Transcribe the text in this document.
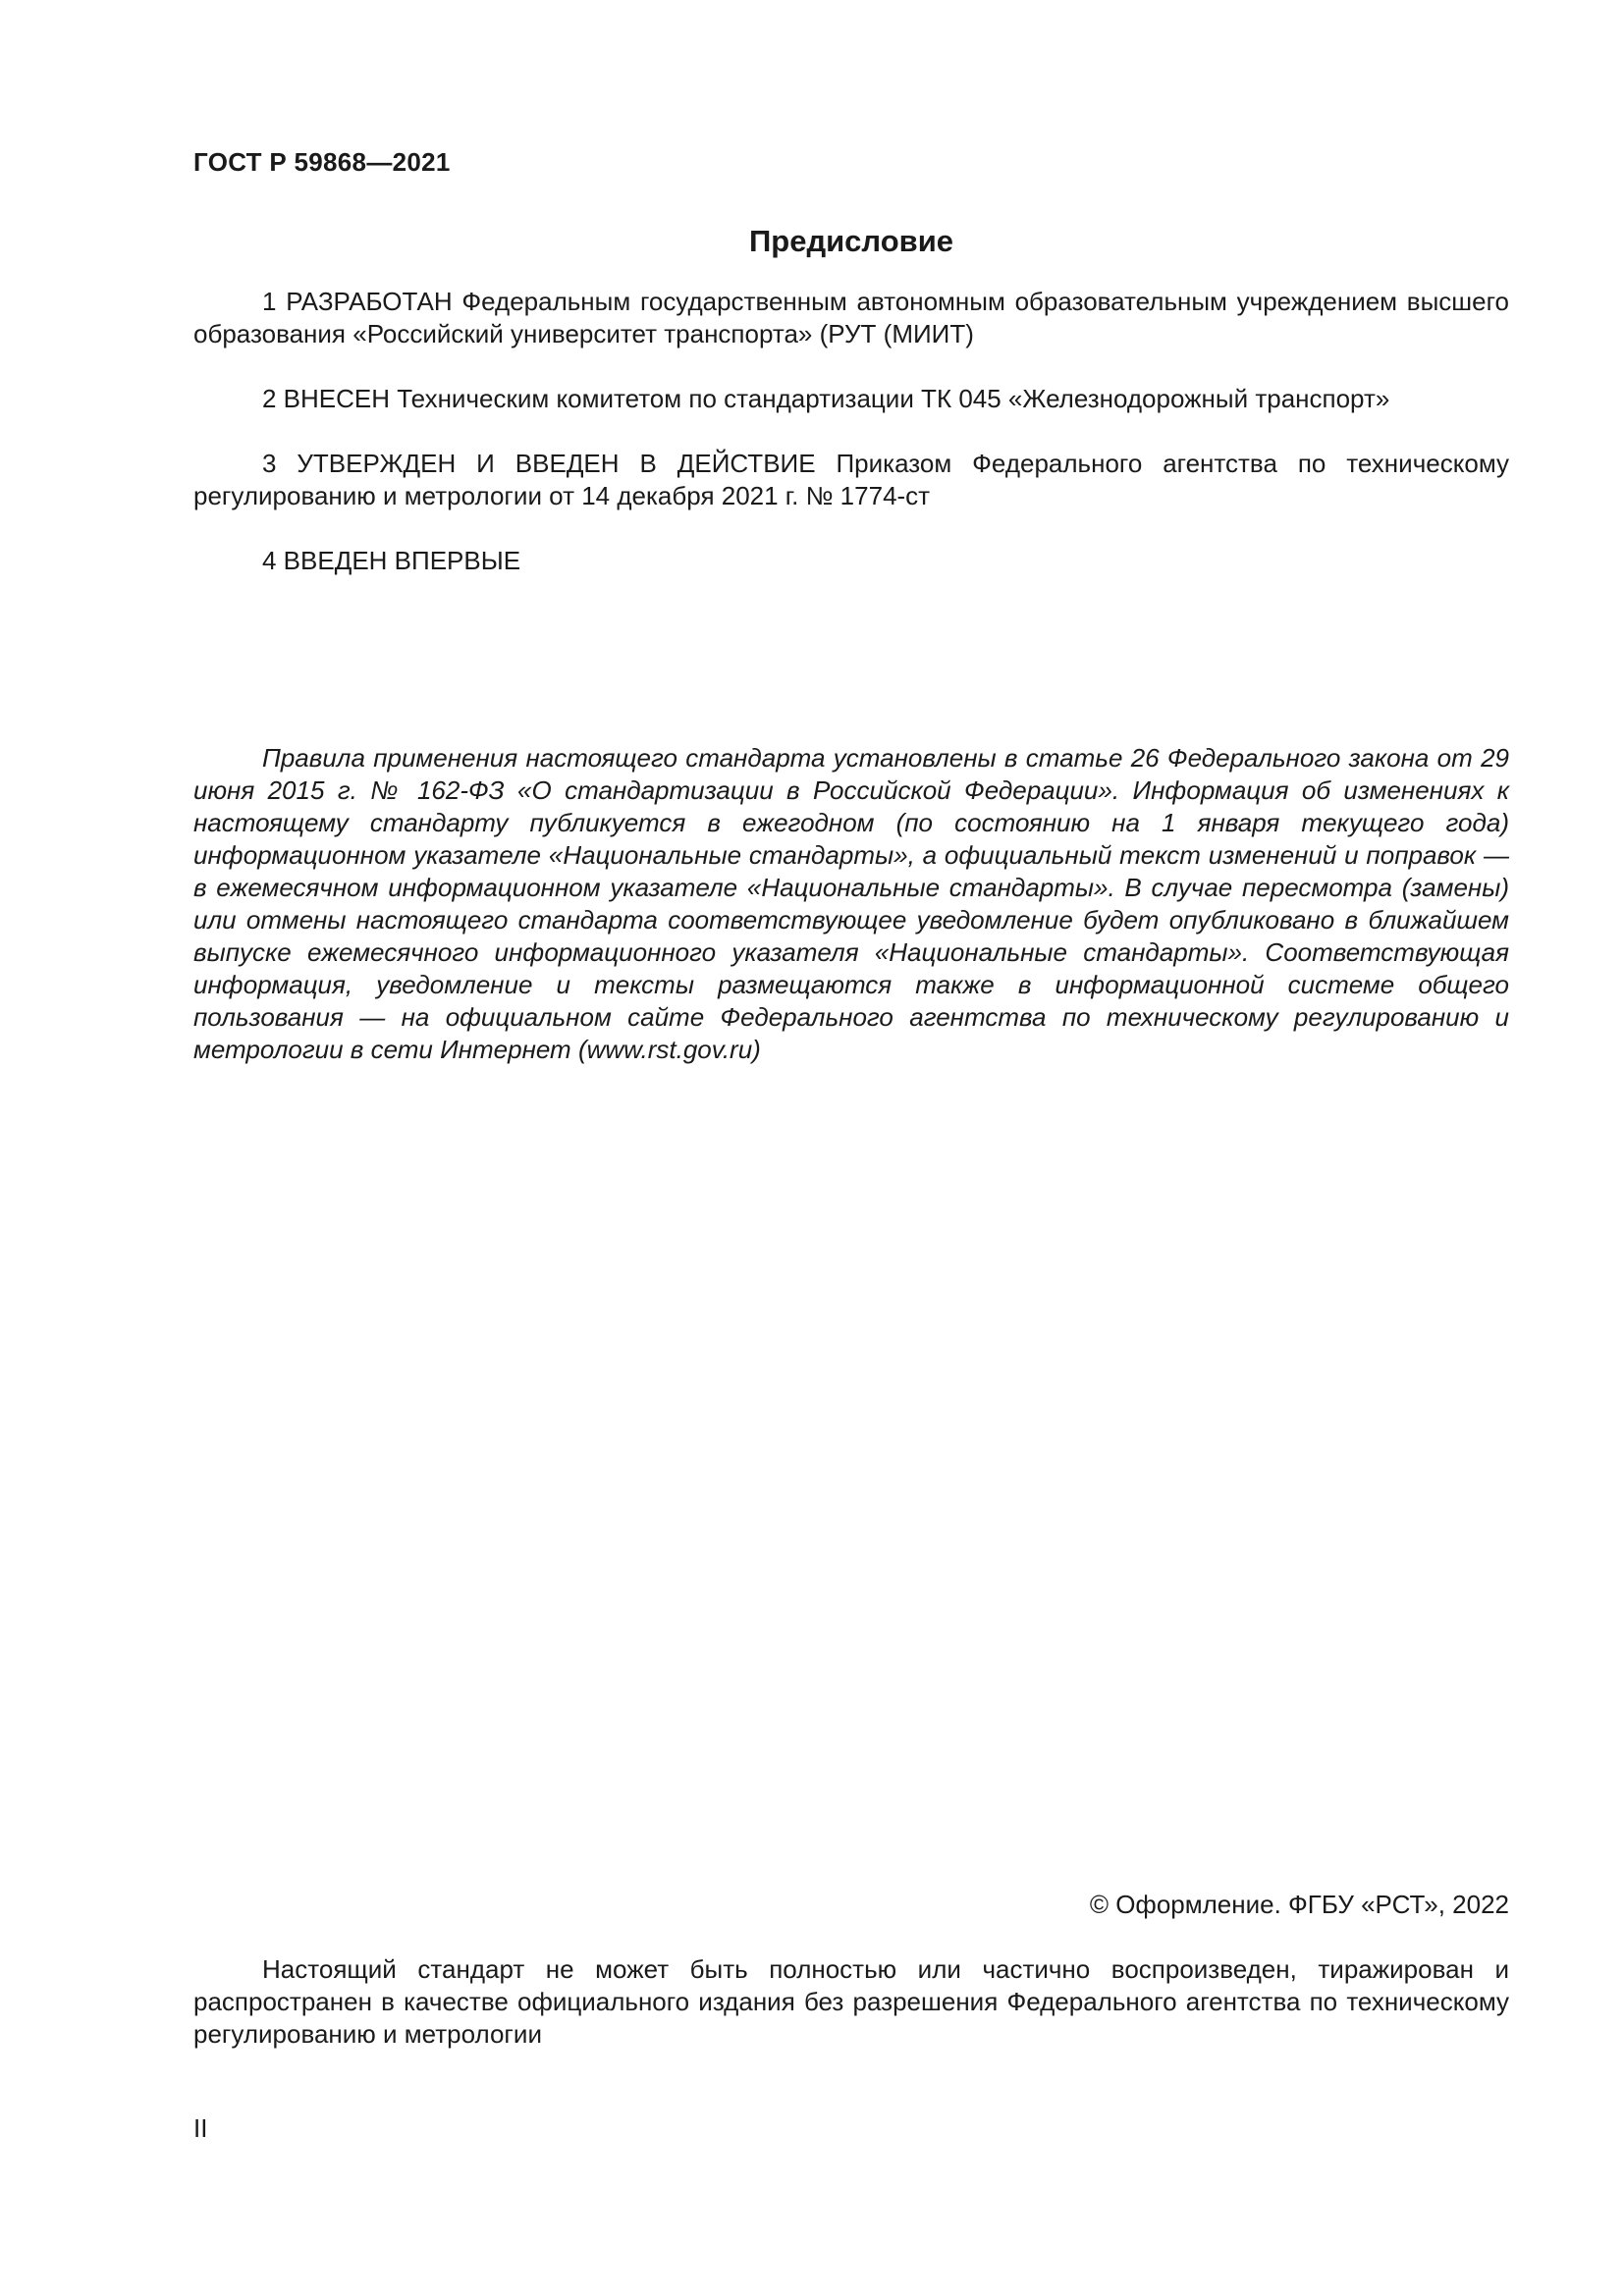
ГОСТ Р 59868—2021
Предисловие

1 РАЗРАБОТАН Федеральным государственным автономным образовательным учреждением высшего образования «Российский университет транспорта» (РУТ (МИИТ)

2 ВНЕСЕН Техническим комитетом по стандартизации ТК 045 «Железнодорожный транспорт»

3 УТВЕРЖДЕН И ВВЕДЕН В ДЕЙСТВИЕ Приказом Федерального агентства по техническому регулированию и метрологии от 14 декабря 2021 г. № 1774-ст

4 ВВЕДЕН ВПЕРВЫЕ

Правила применения настоящего стандарта установлены в статье 26 Федерального закона от 29 июня 2015 г. № 162-ФЗ «О стандартизации в Российской Федерации». Информация об изменениях к настоящему стандарту публикуется в ежегодном (по состоянию на 1 января текущего года) информационном указателе «Национальные стандарты», а официальный текст изменений и поправок — в ежемесячном информационном указателе «Национальные стандарты». В случае пересмотра (замены) или отмены настоящего стандарта соответствующее уведомление будет опубликовано в ближайшем выпуске ежемесячного информационного указателя «Национальные стандарты». Соответствующая информация, уведомление и тексты размещаются также в информационной системе общего пользования — на официальном сайте Федерального агентства по техническому регулированию и метрологии в сети Интернет (www.rst.gov.ru)

© Оформление. ФГБУ «РСТ», 2022

Настоящий стандарт не может быть полностью или частично воспроизведен, тиражирован и распространен в качестве официального издания без разрешения Федерального агентства по техническому регулированию и метрологии

II
